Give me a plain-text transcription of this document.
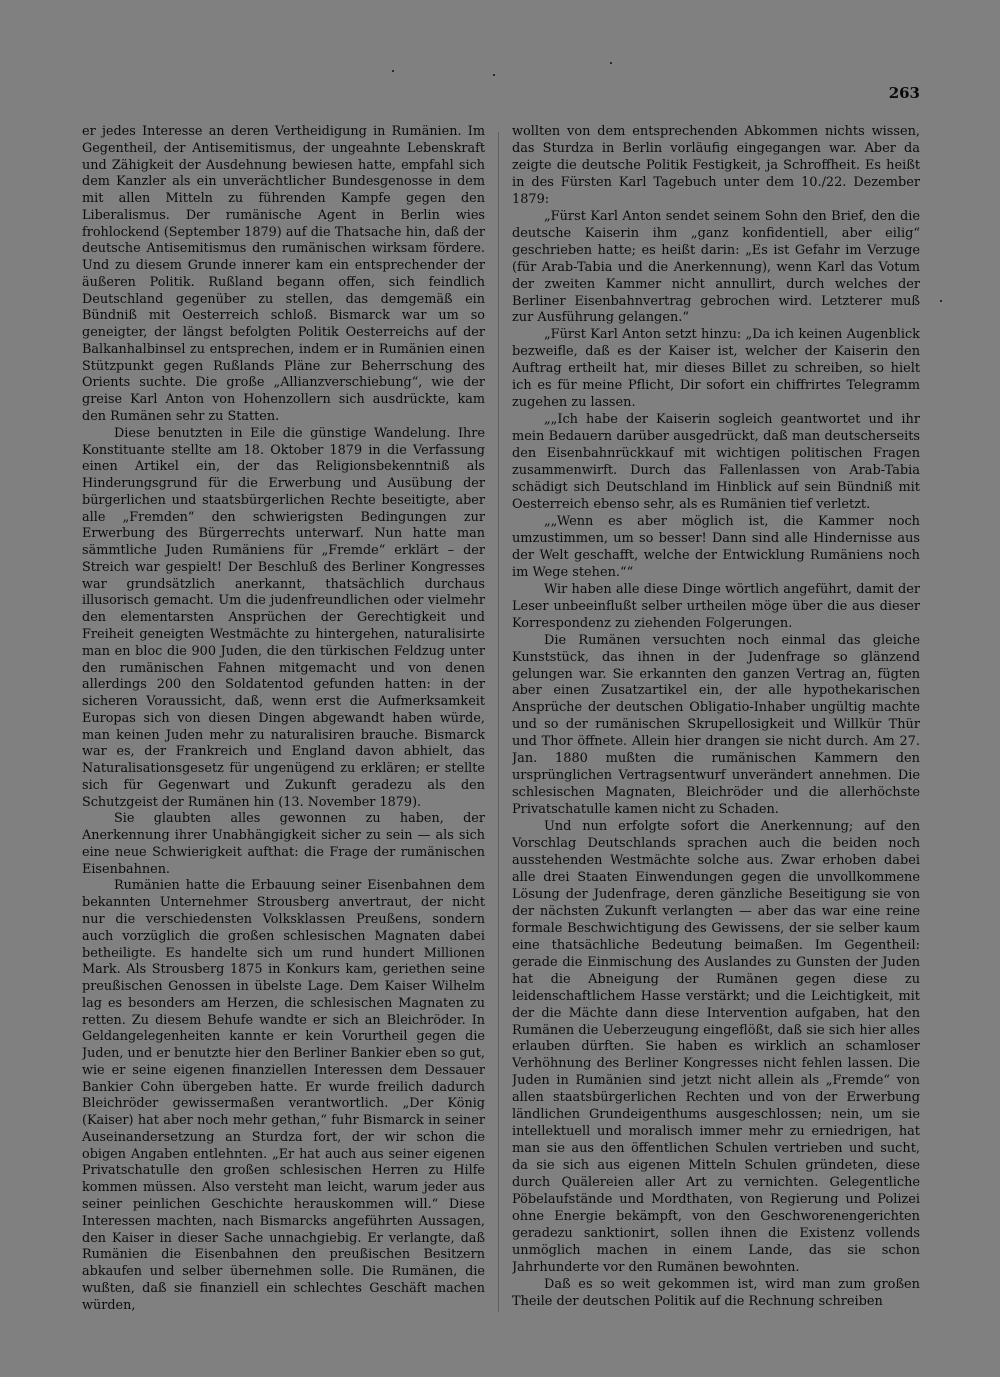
263

er jedes Interesse an deren Vertheidigung in Rumänien. Im Gegentheil, der Antisemitismus, der ungeahnte Lebenskraft und Zähigkeit der Ausdehnung bewiesen hatte, empfahl sich dem Kanzler als ein unverächtlicher Bundesgenosse in dem mit allen Mitteln zu führenden Kampfe gegen den Liberalismus. Der rumänische Agent in Berlin wies frohlockend (September 1879) auf die Thatsache hin, daß der deutsche Antisemitismus den rumänischen wirksam fördere. Und zu diesem Grunde innerer kam ein entsprechender der äußeren Politik. Rußland begann offen, sich feindlich Deutschland gegenüber zu stellen, das demgemäß ein Bündniß mit Oesterreich schloß. Bismarck war um so geneigter, der längst befolgten Politik Oesterreichs auf der Balkanhalbinsel zu entsprechen, indem er in Rumänien einen Stützpunkt gegen Rußlands Pläne zur Beherrschung des Orients suchte. Die große „Allianzverschiebung“, wie der greise Karl Anton von Hohenzollern sich ausdrückte, kam den Rumänen sehr zu Statten.

Diese benutzten in Eile die günstige Wandelung. Ihre Konstituante stellte am 18. Oktober 1879 in die Verfassung einen Artikel ein, der das Religionsbekenntniß als Hinderungsgrund für die Erwerbung und Ausübung der bürgerlichen und staatsbürgerlichen Rechte beseitigte, aber alle „Fremden“ den schwierigsten Bedingungen zur Erwerbung des Bürgerrechts unterwarf. Nun hatte man sämmtliche Juden Rumäniens für „Fremde“ erklärt – der Streich war gespielt! Der Beschluß des Berliner Kongresses war grundsätzlich anerkannt, thatsächlich durchaus illusorisch gemacht. Um die judenfreundlichen oder vielmehr den elementarsten Ansprüchen der Gerechtigkeit und Freiheit geneigten Westmächte zu hintergehen, naturalisirte man en bloc die 900 Juden, die den türkischen Feldzug unter den rumänischen Fahnen mitgemacht und von denen allerdings 200 den Soldatentod gefunden hatten: in der sicheren Voraussicht, daß, wenn erst die Aufmerksamkeit Europas sich von diesen Dingen abgewandt haben würde, man keinen Juden mehr zu naturalisiren brauche. Bismarck war es, der Frankreich und England davon abhielt, das Naturalisationsgesetz für ungenügend zu erklären; er stellte sich für Gegenwart und Zukunft geradezu als den Schutzgeist der Rumänen hin (13. November 1879).

Sie glaubten alles gewonnen zu haben, der Anerkennung ihrer Unabhängigkeit sicher zu sein — als sich eine neue Schwierigkeit aufthat: die Frage der rumänischen Eisenbahnen.

Rumänien hatte die Erbauung seiner Eisenbahnen dem bekannten Unternehmer Strousberg anvertraut, der nicht nur die verschiedensten Volksklassen Preußens, sondern auch vorzüglich die großen schlesischen Magnaten dabei betheiligte. Es handelte sich um rund hundert Millionen Mark. Als Strousberg 1875 in Konkurs kam, geriethen seine preußischen Genossen in übelste Lage. Dem Kaiser Wilhelm lag es besonders am Herzen, die schlesischen Magnaten zu retten. Zu diesem Behufe wandte er sich an Bleichröder. In Geldangelegenheiten kannte er kein Vorurtheil gegen die Juden, und er benutzte hier den Berliner Bankier eben so gut, wie er seine eigenen finanziellen Interessen dem Dessauer Bankier Cohn übergeben hatte. Er wurde freilich dadurch Bleichröder gewissermaßen verantwortlich. „Der König (Kaiser) hat aber noch mehr gethan,“ fuhr Bismarck in seiner Auseinandersetzung an Sturdza fort, der wir schon die obigen Angaben entlehnten. „Er hat auch aus seiner eigenen Privatschatulle den großen schlesischen Herren zu Hilfe kommen müssen. Also versteht man leicht, warum jeder aus seiner peinlichen Geschichte herauskommen will.“ Diese Interessen machten, nach Bismarcks angeführten Aussagen, den Kaiser in dieser Sache unnachgiebig. Er verlangte, daß Rumänien die Eisenbahnen den preußischen Besitzern abkaufen und selber übernehmen solle. Die Rumänen, die wußten, daß sie finanziell ein schlechtes Geschäft machen würden,

wollten von dem entsprechenden Abkommen nichts wissen, das Sturdza in Berlin vorläufig eingegangen war. Aber da zeigte die deutsche Politik Festigkeit, ja Schroffheit. Es heißt in des Fürsten Karl Tagebuch unter dem 10./22. Dezember 1879:

„Fürst Karl Anton sendet seinem Sohn den Brief, den die deutsche Kaiserin ihm „ganz konfidentiell, aber eilig“ geschrieben hatte; es heißt darin: „Es ist Gefahr im Verzuge (für Arab-Tabia und die Anerkennung), wenn Karl das Votum der zweiten Kammer nicht annullirt, durch welches der Berliner Eisenbahnvertrag gebrochen wird. Letzterer muß zur Ausführung gelangen.“

„Fürst Karl Anton setzt hinzu: „Da ich keinen Augenblick bezweifle, daß es der Kaiser ist, welcher der Kaiserin den Auftrag ertheilt hat, mir dieses Billet zu schreiben, so hielt ich es für meine Pflicht, Dir sofort ein chiffrirtes Telegramm zugehen zu lassen.

„„Ich habe der Kaiserin sogleich geantwortet und ihr mein Bedauern darüber ausgedrückt, daß man deutscherseits den Eisenbahnrückkauf mit wichtigen politischen Fragen zusammenwirft. Durch das Fallenlassen von Arab-Tabia schädigt sich Deutschland im Hinblick auf sein Bündniß mit Oesterreich ebenso sehr, als es Rumänien tief verletzt.

„„Wenn es aber möglich ist, die Kammer noch umzustimmen, um so besser! Dann sind alle Hindernisse aus der Welt geschafft, welche der Entwicklung Rumäniens noch im Wege stehen.““

Wir haben alle diese Dinge wörtlich angeführt, damit der Leser unbeeinflußt selber urtheilen möge über die aus dieser Korrespondenz zu ziehenden Folgerungen.

Die Rumänen versuchten noch einmal das gleiche Kunststück, das ihnen in der Judenfrage so glänzend gelungen war. Sie erkannten den ganzen Vertrag an, fügten aber einen Zusatzartikel ein, der alle hypothekarischen Ansprüche der deutschen Obligatio-Inhaber ungültig machte und so der rumänischen Skrupellosigkeit und Willkür Thür und Thor öffnete. Allein hier drangen sie nicht durch. Am 27. Jan. 1880 mußten die rumänischen Kammern den ursprünglichen Vertragsentwurf unverändert annehmen. Die schlesischen Magnaten, Bleichröder und die allerhöchste Privatschatulle kamen nicht zu Schaden.

Und nun erfolgte sofort die Anerkennung; auf den Vorschlag Deutschlands sprachen auch die beiden noch ausstehenden Westmächte solche aus. Zwar erhoben dabei alle drei Staaten Einwendungen gegen die unvollkommene Lösung der Judenfrage, deren gänzliche Beseitigung sie von der nächsten Zukunft verlangten — aber das war eine reine formale Beschwichtigung des Gewissens, der sie selber kaum eine thatsächliche Bedeutung beimaßen. Im Gegentheil: gerade die Einmischung des Auslandes zu Gunsten der Juden hat die Abneigung der Rumänen gegen diese zu leidenschaftlichem Hasse verstärkt; und die Leichtigkeit, mit der die Mächte dann diese Intervention aufgaben, hat den Rumänen die Ueberzeugung eingeflößt, daß sie sich hier alles erlauben dürften. Sie haben es wirklich an schamloser Verhöhnung des Berliner Kongresses nicht fehlen lassen. Die Juden in Rumänien sind jetzt nicht allein als „Fremde“ von allen staatsbürgerlichen Rechten und von der Erwerbung ländlichen Grundeigenthums ausgeschlossen; nein, um sie intellektuell und moralisch immer mehr zu erniedrigen, hat man sie aus den öffentlichen Schulen vertrieben und sucht, da sie sich aus eigenen Mitteln Schulen gründeten, diese durch Quälereien aller Art zu vernichten. Gelegentliche Pöbelaufstände und Mordthaten, von Regierung und Polizei ohne Energie bekämpft, von den Geschworenengerichten geradezu sanktionirt, sollen ihnen die Existenz vollends unmöglich machen in einem Lande, das sie schon Jahrhunderte vor den Rumänen bewohnten.

Daß es so weit gekommen ist, wird man zum großen Theile der deutschen Politik auf die Rechnung schreiben
